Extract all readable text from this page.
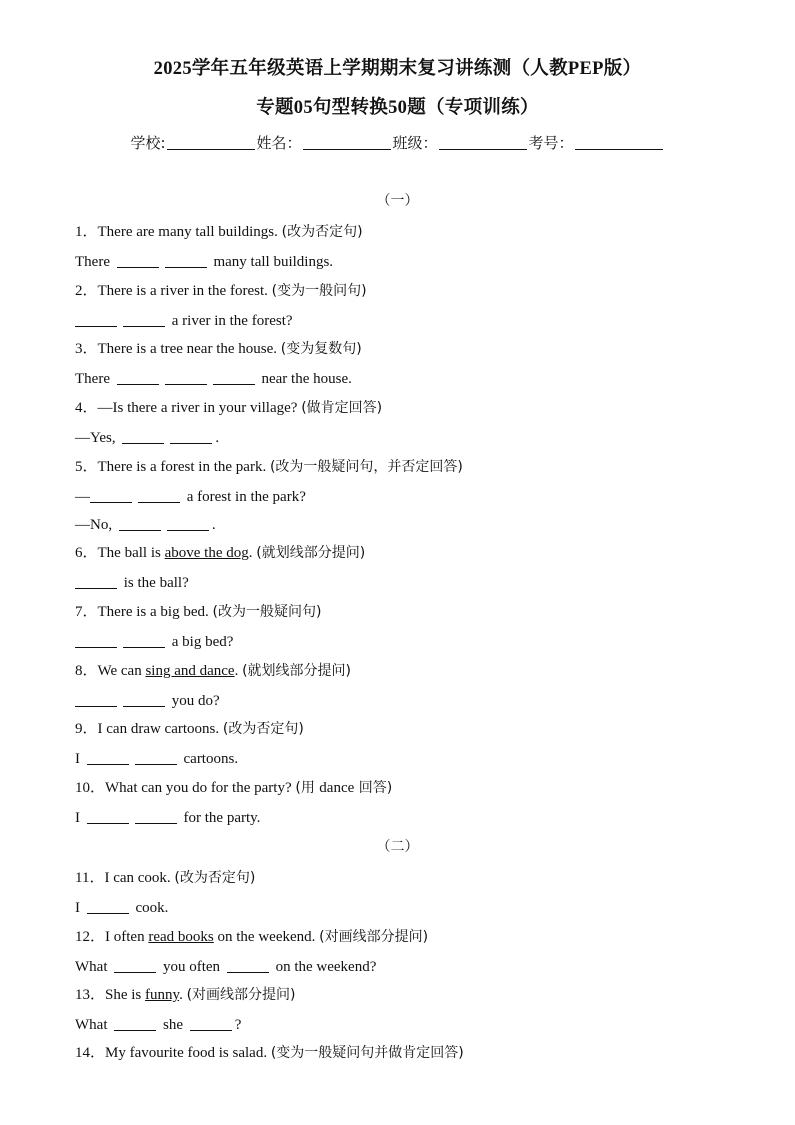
2025学年五年级英语上学期期末复习讲练测（人教PEP版）
专题05句型转换50题（专项训练）
学校:	姓名：	班级：	考号：
（一）
1．There are many tall buildings. (改为否定句)
There	many tall buildings.
2．There is a river in the forest. (变为一般问句)
a river in the forest?
3．There is a tree near the house. (变为复数句)
There	near the house.
4．—Is there a river in your village? (做肯定回答)
—Yes,	.
5．There is a forest in the park. (改为一般疑问句，并否定回答)
—	a forest in the park?
—No,	.
6．The ball is above the dog. (就划线部分提问)
is the ball?
7．There is a big bed. (改为一般疑问句)
a big bed?
8．We can sing and dance. (就划线部分提问)
you do?
9．I can draw cartoons. (改为否定句)
I	cartoons.
10．What can you do for the party? (用 dance 回答)
I	for the party.
（二）
11．I can cook. (改为否定句)
I	cook.
12．I often read books on the weekend. (对画线部分提问)
What	you often	on the weekend?
13．She is funny. (对画线部分提问)
What	she	?
14．My favourite food is salad. (变为一般疑问句并做肯定回答)
